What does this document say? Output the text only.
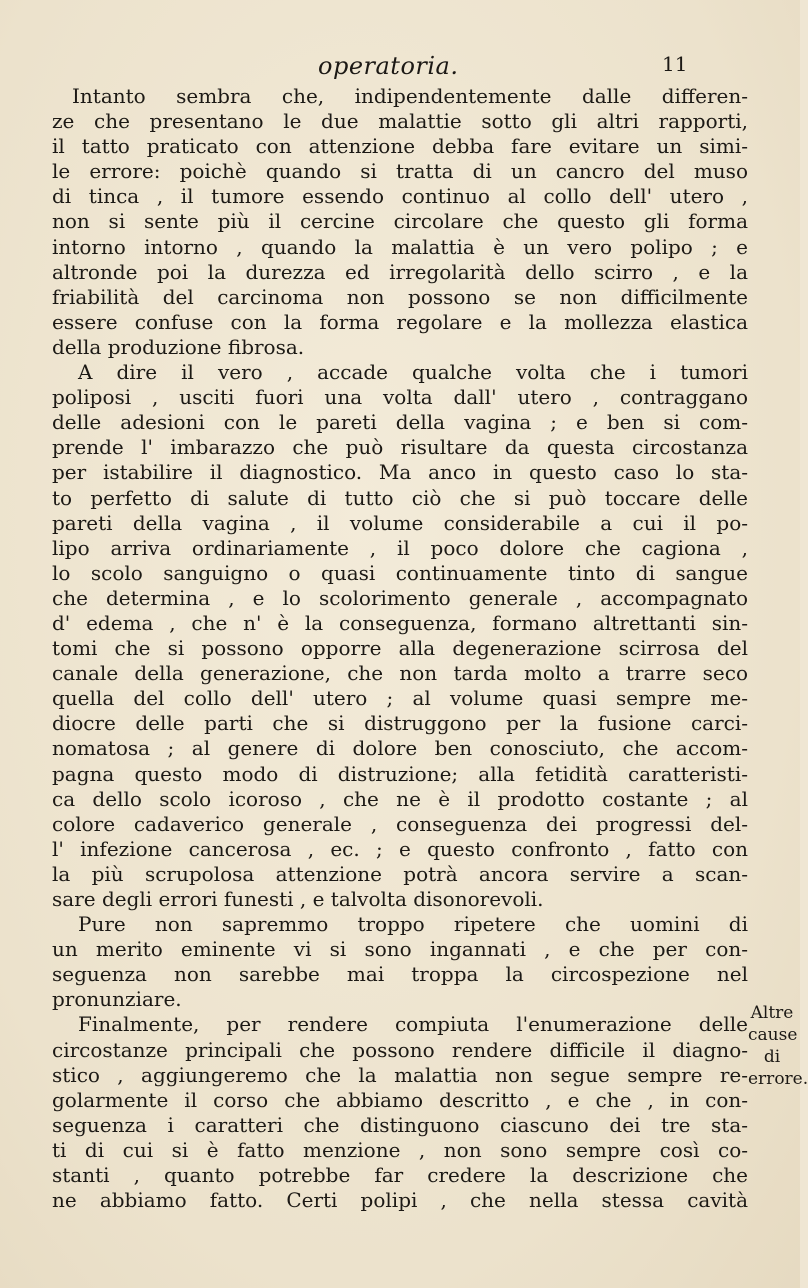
operatoria.	11
Intanto sembra che, indipendentemente dalle differen-
ze che presentano le due malattie sotto gli altri rapporti,
il tatto praticato con attenzione debba fare evitare un simi-
le errore: poichè quando si tratta di un cancro del muso
di tinca , il tumore essendo continuo al collo dell' utero ,
non si sente più il cercine circolare che questo gli forma
intorno intorno , quando la malattia è un vero polipo ; e
altronde poi la durezza ed irregolarità dello scirro , e la
friabilità del carcinoma non possono se non difficilmente
essere confuse con la forma regolare e la mollezza elastica
della produzione fibrosa.
A dire il vero , accade qualche volta che i tumori
poliposi , usciti fuori una volta dall' utero , contraggano
delle adesioni con le pareti della vagina ; e ben si com-
prende l' imbarazzo che può risultare da questa circostanza
per istabilire il diagnostico. Ma anco in questo caso lo sta-
to perfetto di salute di tutto ciò che si può toccare delle
pareti della vagina , il volume considerabile a cui il po-
lipo arriva ordinariamente , il poco dolore che cagiona ,
lo scolo sanguigno o quasi continuamente tinto di sangue
che determina , e lo scolorimento generale , accompagnato
d' edema , che n' è la conseguenza, formano altrettanti sin-
tomi che si possono opporre alla degenerazione scirrosa del
canale della generazione, che non tarda molto a trarre seco
quella del collo dell' utero ; al volume quasi sempre me-
diocre delle parti che si distruggono per la fusione carci-
nomatosa ; al genere di dolore ben conosciuto, che accom-
pagna questo modo di distruzione; alla fetidità caratteristi-
ca dello scolo icoroso , che ne è il prodotto costante ; al
colore cadaverico generale , conseguenza dei progressi del-
l' infezione cancerosa , ec. ; e questo confronto , fatto con
la più scrupolosa attenzione potrà ancora servire a scan-
sare degli errori funesti , e talvolta disonorevoli.
Pure non sapremmo troppo ripetere che uomini di
un merito eminente vi si sono ingannati , e che per con-
seguenza non sarebbe mai troppa la circospezione nel
pronunziare.
Finalmente, per rendere compiuta l'enumerazione delle
circostanze principali che possono rendere difficile il diagno-
stico , aggiungeremo che la malattia non segue sempre re-
golarmente il corso che abbiamo descritto , e che , in con-
seguenza i caratteri che distinguono ciascuno dei tre sta-
ti di cui si è fatto menzione , non sono sempre così co-
stanti , quanto potrebbe far credere la descrizione che
ne abbiamo fatto. Certi polipi , che nella stessa cavità
Altre
cause di
errore.
